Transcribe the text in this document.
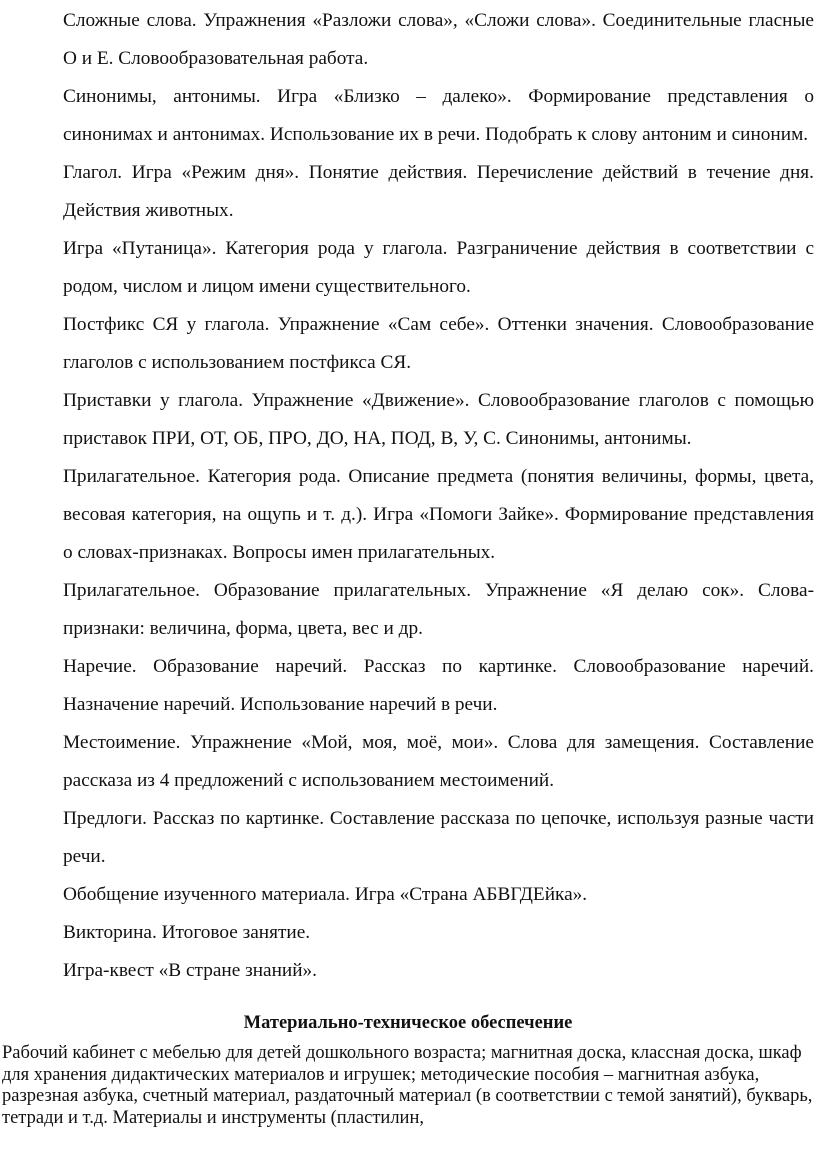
Сложные слова. Упражнения «Разложи слова», «Сложи слова». Соединительные гласные О и Е. Словообразовательная работа.
Синонимы, антонимы. Игра «Близко – далеко». Формирование представления о синонимах и антонимах. Использование их в речи. Подобрать к слову антоним и синоним.
Глагол. Игра «Режим дня». Понятие действия. Перечисление действий в течение дня. Действия животных.
Игра «Путаница». Категория рода у глагола. Разграничение действия в соответствии с родом, числом и лицом имени существительного.
Постфикс СЯ у глагола. Упражнение «Сам себе». Оттенки значения. Словообразование глаголов с использованием постфикса СЯ.
Приставки у глагола. Упражнение «Движение». Словообразование глаголов с помощью приставок ПРИ, ОТ, ОБ, ПРО, ДО, НА, ПОД, В, У, С. Синонимы, антонимы.
Прилагательное. Категория рода. Описание предмета (понятия величины, формы, цвета, весовая категория, на ощупь и т. д.). Игра «Помоги Зайке». Формирование представления о словах-признаках. Вопросы имен прилагательных.
Прилагательное. Образование прилагательных. Упражнение «Я делаю сок». Слова-признаки: величина, форма, цвета, вес и др.
Наречие. Образование наречий. Рассказ по картинке. Словообразование наречий. Назначение наречий. Использование наречий в речи.
Местоимение. Упражнение «Мой, моя, моё, мои». Слова для замещения. Составление рассказа из 4 предложений с использованием местоимений.
Предлоги. Рассказ по картинке. Составление рассказа по цепочке, используя разные части речи.
Обобщение изученного материала. Игра «Страна АБВГДЕйка».
Викторина. Итоговое занятие.
Игра-квест «В стране знаний».
Материально-техническое обеспечение
Рабочий кабинет с мебелью для детей дошкольного возраста; магнитная доска, классная доска, шкаф для хранения дидактических материалов и игрушек; методические пособия – магнитная азбука, разрезная азбука, счетный материал, раздаточный материал (в соответствии с темой занятий), букварь, тетради и т.д. Материалы и инструменты (пластилин,
